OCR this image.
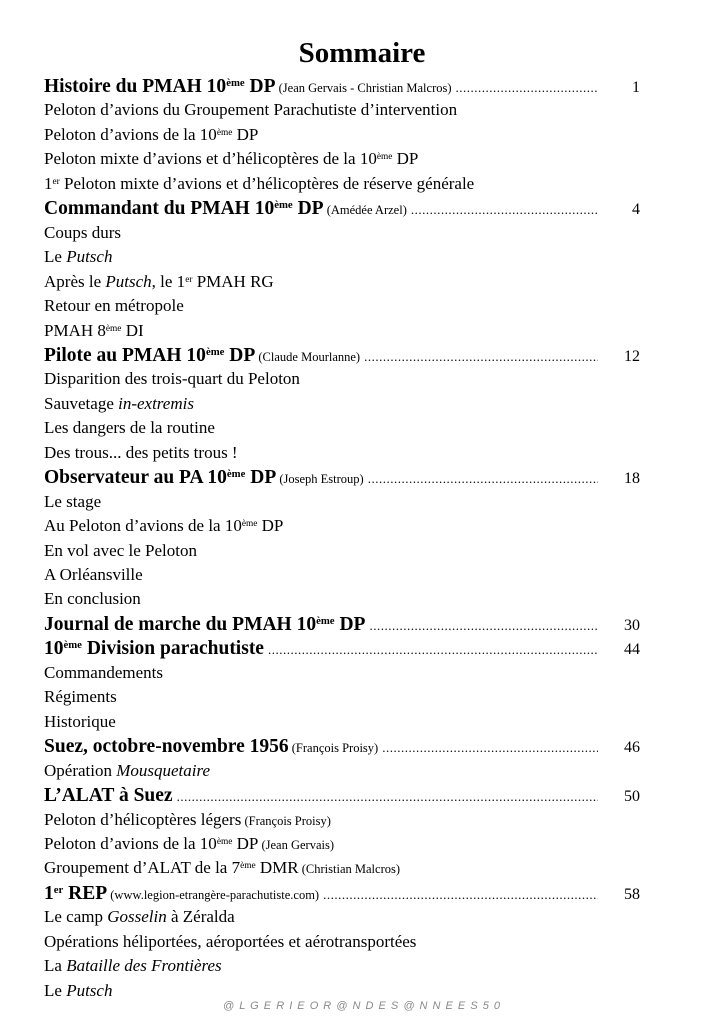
Sommaire
Histoire du PMAH 10ème DP (Jean Gervais - Christian Malcros) .....	1
Peloton d’avions du Groupement Parachutiste d’intervention
Peloton d’avions de la 10ème DP
Peloton mixte d’avions et d’hélicoptères de la 10ème DP
1er Peloton mixte d’avions et d’hélicoptères de réserve générale
Commandant du PMAH 10ème DP (Amédée Arzel) .....	4
Coups durs
Le Putsch
Après le Putsch, le 1er PMAH RG
Retour en métropole
PMAH 8ème DI
Pilote au PMAH 10ème DP (Claude Mourlanne) .....	12
Disparition des trois-quart du Peloton
Sauvetage in-extremis
Les dangers de la routine
Des trous... des petits trous !
Observateur au PA 10ème DP (Joseph Estroup) .....	18
Le stage
Au Peloton d’avions de la 10ème DP
En vol avec le Peloton
A Orléansville
En conclusion
Journal de marche du PMAH 10ème DP .....	30
10ème Division parachutiste .....	44
Commandements
Régiments
Historique
Suez, octobre-novembre 1956 (François Proisy) .....	46
Opération Mousquetaire
L’ALAT à Suez .....	50
Peloton d’hélicoptères légers (François Proisy)
Peloton d’avions de la 10ème DP (Jean Gervais)
Groupement d’ALAT de la 7ème DMR (Christian Malcros)
1er REP (www.legion-etrangère-parachutiste.com) .....	58
Le camp Gosselin à Zéralda
Opérations héliportées, aéroportées et aérotransportées
La Bataille des Frontières
Le Putsch
@ L G E R I E O R @ N D E S @ N N E E S 5 0
